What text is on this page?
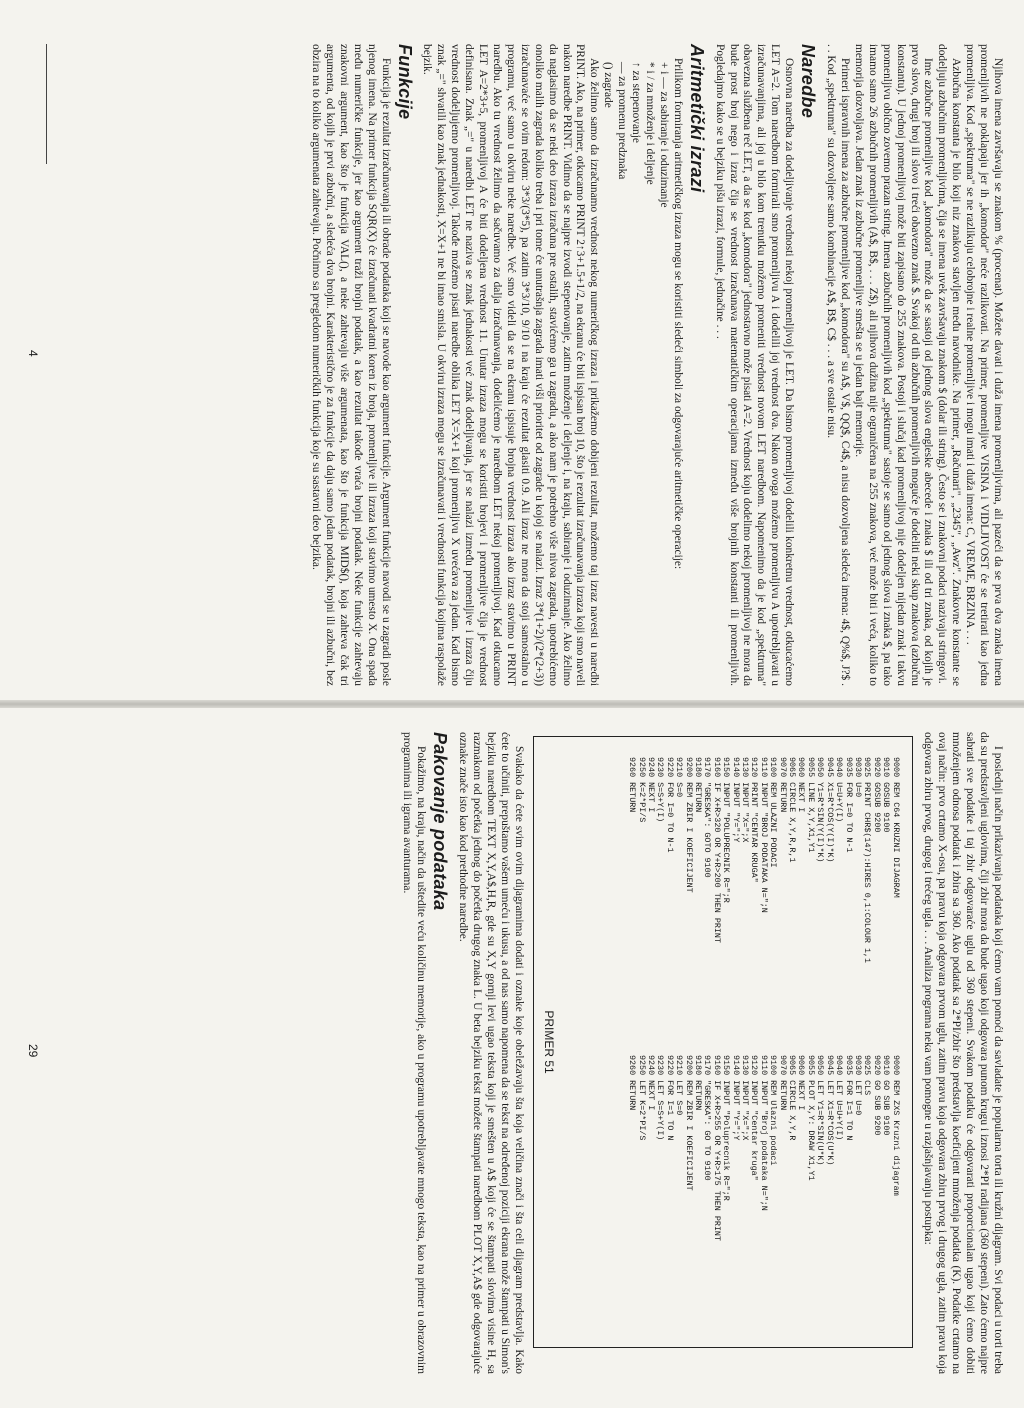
Njihova imena završavaju se znakom % (procenat). Možete davati i duža imena promenljivima, ali pazeći da se prva dva znaka imena promenljivih ne poklapaju jer ih „komodor" neće razlikovati. Na primer, promenljive VISINA i VIDLJIVOST će se tretirati kao jedna promenljiva. Kod „spektruma" se ne razlikuju celobrojne i realne promenljive i mogu imati i duža imena: C, VREME, BRZINA . . .

Azbučna konstanta je bilo koji niz znakova stavljen među navodnike. Na primer, „Računari", „2345", „Awz". Znakovne konstante se dodeljuju azbučnim promenljivima, čija se imena uvek završavaju znakom $ (dolar ili string). Često se i znakovni podaci nazivaju stringovi.

Ime azbučne promenljive kod „komodora" može da se sastoji od jednog slova engleske abecede i znaka $ ili od tri znaka, od kojih je prvo slovo, drugi broj ili slovo i treći obavezno znak $. Svakoj od tih azbučnih promenljivih moguće je dodeliti neki skup znakova (azbučnu konstantu). U jednoj promenljivoj može biti zapisano do 255 znakova. Postoji i slučaj kad promenljivoj nije dodeljen nijedan znak i takvu promenljivu obično zovemo prazan string. Imena azbučnih promenljivih kod „spektruma" sastoje se samo od jednog slova i znaka $, pa tako imamo samo 26 azbučnih promenljivih (A$, B$, . . . Z$), ali njihova dužina nije ograničena na 255 znakova, već može biti i veća, koliko to memorija dozvoljava. Jedan znak iz azbučne promenljive smešta se u jedan bajt memorije.

Primeri ispravnih imena za azbučne promenljive kod „komodora" su A$, V$, QQ$, C4$, a nisu dozvoljena sledeća imena: 4$, Q%$, J?$ . . . Kod „spektruma" su dozvoljene samo kombinacije A$, B$, C$ . . . a sve ostale nisu.

Naredbe

Osnovna naredba za dodeljivanje vrednosti nekoj promenljivoj je LET. Da bismo promenljivoj dodelili konkretnu vrednost, otkucaćemo LET A=2. Tom naredbom formirali smo promenljivu A i dodelili joj vrednost dva. Nakon ovoga možemo promenljivu A upotrebljavati u izračunavanjima, ali joj u bilo kom trenutku možemo promeniti vrednost novom LET naredbom. Napomenimo da je kod „spektruma" obavezna službena reč LET, a da se kod „komodora" jednostavno može pisati A=2. Vrednost koju dodelimo nekoj promenljivoj ne mora da bude prost broj nego i izraz čija se vrednost izračunava matematičkim operacijama između više brojnih konstanti ili promenljivih. Pogledajmo kako se u bejziku pišu izrazi, formule, jednačine . . .

Aritmetički izrazi

Prilikom formiranja aritmetičkog izraza mogu se koristiti sledeći simboli za odgovarajuće aritmetičke operacije:

+ i — za sabiranje i oduzimanje
* i / za množenje i deljenje
↑ za stepenovanje
— za promenu predznaka
() zagrade

Ako želimo samo da izračunamo vrednost nekog numeričkog izraza i prikažemo dobijeni rezultat, možemo taj izraz navesti u naredbi PRINT. Ako, na primer, otkucamo PRINT 2↑3+1.5+1/2, na ekranu će biti ispisan broj 10, što je rezultat izračunavanja izraza koji smo naveli nakon naredbe PRINT. Vidimo da se najpre izvodi stepenovanje, zatim množenje i deljenje i, na kraju, sabiranje i oduzimanje. Ako želimo da naglasimo da se neki deo izraza izračuna pre ostalih, stavićemo ga u zagradu, a ako nam je potrebno više nivoa zagrada, upotrebićemo onoliko malih zagrada koliko treba i pri tome će unutrašnja zagrada imati viši prioritet od zagrade u kojoj se nalazi. Izraz 3*(1+2)/(2*(2+3)) izračunavaće se ovim redom: 3*3/(3*5), pa zatim 3*3/10, 9/10 i na kraju će rezultat glasiti 0.9. Ali izraz ne mora da stoji samostalno u programu, već samo u okviru neke naredbe. Već smo videli da se na ekranu ispisuje brojna vrednost izraza ako izraz stavimo u PRINT naredbu. Ako tu vrednost želimo da sačuvamo za dalja izračunavanja, dodelićemo je naredbom LET nekoj promenljivoj. Kad otkucamo LET A=2*3+5, promenljivoj A će biti dodeljena vrednost 11. Unutar izraza mogu se koristiti brojevi i promenljive čija je vrednost definisana. Znak „=" u naredbi LET ne naziva se znak jednakosti već znak dodeljivanja, jer se nalazi između promenljive i izraza čiju vrednost dodeljujemo promenljivoj. Takođe možemo pisati naredbe oblika LET X=X+1 koji promenljivu X uvećava za jedan. Kad bismo znak „=" shvatili kao znak jednakosti, X=X+1 ne bi imao smisla. U okviru izraza mogu se izračunavati i vrednosti funkcija kojima raspolaže bejzik.

Funkcije

Funkcija je rezultat izračunavanja ili obrade podataka koji se navode kao argument funkcije. Argument funkcije navodi se u zagradi posle njenog imena. Na primer funkcija SQR(X) će izračunati kvadratni koren iz broja, promenljive ili izraza koji stavimo umesto X. Ona spada među numeričke funkcije, jer kao argument traži brojni podatak, a kao rezultat takođe vraća brojni podatak. Neke funkcije zahtevaju znakovni argument, kao što je funkcija VAL(), a neke zahtevaju više argumenata, kao što je funkcija MID$(), koja zahteva čak tri argumenta, od kojih je prvi azbučni, a sledeća dva brojni. Karakteristično je za funkcije da daju samo jedan podatak, brojni ili azbučni, bez obzira na to koliko argumenata zahtevaju. Počnimo sa pregledom numeričkih funkcija koje su sastavni deo bejzika.

4

I poslednji način prikazivanja podataka koji ćemo vam pomoći da savladate je popularna torta ili kružni dijagram. Svi podaci u torti treba da su predstavljeni uglovima, čiji zbir mora da bude ugao koji odgovara punom krugu i iznosi 2*PI radijana (360 stepeni). Zato ćemo najpre sabrati sve podatke i taj zbir odgovaraće uglu od 360 stepeni. Svakom podatku će odgovarati proporcionalan ugao koji ćemo dobiti množenjem odnosa podatak i zbira sa 360. Ako podatak sa 2*PI/zbir što predstavlja koeficijent množenja podatka (K). Podatke crtamo na ovaj način: prvo crtamo X-osu, pa pravu koja odgovara prvom uglu, zatim pravu koja odgovara zbiru prvog i drugog ugla, zatim pravu koja odgovara zbiru prvog, drugog i trećeg ugla . . . Analiza programa neka vam pomogne u razjašnjavanju postupka:

9000 REM C64 KRUZNI DIJAGRAM
9010 GOSUB 9100
9020 GOSUB 9200
9025 PRINT CHR$(147):HIRES 0,1:COLOUR 1,1
9030 U=0
9035 FOR I=0 TO N-1
9040 U=U+Y(I)
9045 X1=R*COS(Y(I)*K)
9050 Y1=R*SIN(Y(I)*K)
9055 LINE X,Y,X1,Y1
9060 NEXT I
9065 CIRCLE X,Y,R,R,1
9070 RETURN
9100 REM ULAZNI PODACI
9110 INPUT "BROJ PODATAKA N=";N
9120 PRINT "CENTAR KRUGA"
9130 INPUT "X=";X
9140 INPUT "Y=";Y
9150 INPUT "POLUPRECNIK R=";R
9160 IF X+R>320 OR Y+R>200 THEN PRINT
9170 "GRESKA": GOTO 9100
9180 RETURN
9200 REM ZBIR I KOEFICIJENT
9210 S=0
9220 FOR I=0 TO N-1
9230 S=S+Y(I)
9240 NEXT I
9250 K=2*PI/S
9260 RETURN
9000 REM ZXS Kruzni dijagram
9010 GO SUB 9100
9020 GO SUB 9200
9025 CLS
9030 LET U=0
9035 FOR I=1 TO N
9040 LET U=U+Y(I)
9045 LET X1=R*COS(U*K)
9050 LET Y1=R*SIN(U*K)
9055 PLOT X,Y: DRAW X1,Y1
9060 NEXT I
9065 CIRCLE X,Y,R
9070 RETURN
9100 REM Ulazni podaci
9110 INPUT "Broj podataka N=";N
9120 INPUT "Centar kruga"
9130 INPUT "X=";X
9140 INPUT "Y=";Y
9150 INPUT "Poluprecnik R=";R
9160 IF X+R>255 OR Y+R>175 THEN PRINT
9170 "GRESKA": GO TO 9100
9180 RETURN
9200 REM ZBIR I KOEFICIJENT
9210 LET S=0
9220 FOR I=1 TO N
9230 LET S=S+Y(I)
9240 NEXT I
9250 LET K=2*PI/S
9260 RETURN
PRIMER 51

Svakako da ćete svim ovim dijagramima dodati i oznake koje obeležavaju šta koja veličina znači i šta celi dijagram predstavlja. Kako ćete to učiniti, prepuštamo vašem umeću i ukusu, a od nas samo napomena da se tekst na određenoj poziciji ekrana može štampati u Simon's bejziku naredbom TEXT X,Y,A$,H,R, gde su X,Y gornji levi ugao teksta koji je smešten u A$ koji će se štampati slovima visine H, sa razmakom od početka jednog do početka drugog znaka L. U beta bejziku tekst možete štampati naredbom PLOT X,Y,A$ gde odgovarajuće oznake znače isto kao kod prethodne naredbe.

Pakovanje podataka

Pokažimo, na kraju, način da uštedite veću količinu memorije, ako u programu upotrebljavate mnogo teksta, kao na primer u obrazovnim programima ili igrama avanturama.

29
